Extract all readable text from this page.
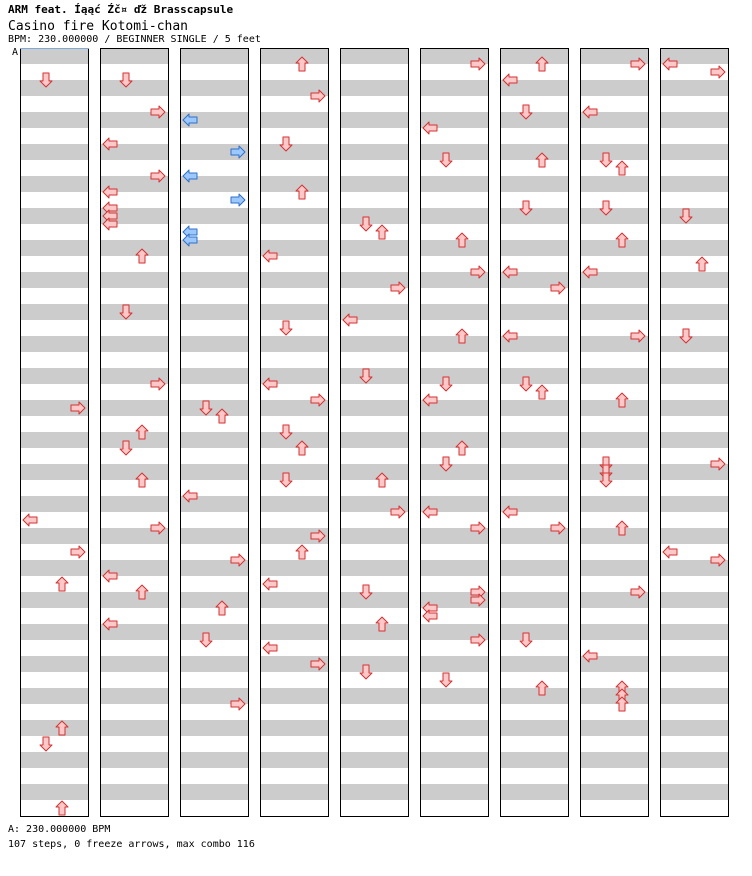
ARM feat. Íąąć Źč¤ ďž Brasscapsule
Casino fire Kotomi-chan
BPM: 230.000000 / BEGINNER SINGLE / 5 feet
A
A: 230.000000 BPM
107 steps, 0 freeze arrows, max combo 116
